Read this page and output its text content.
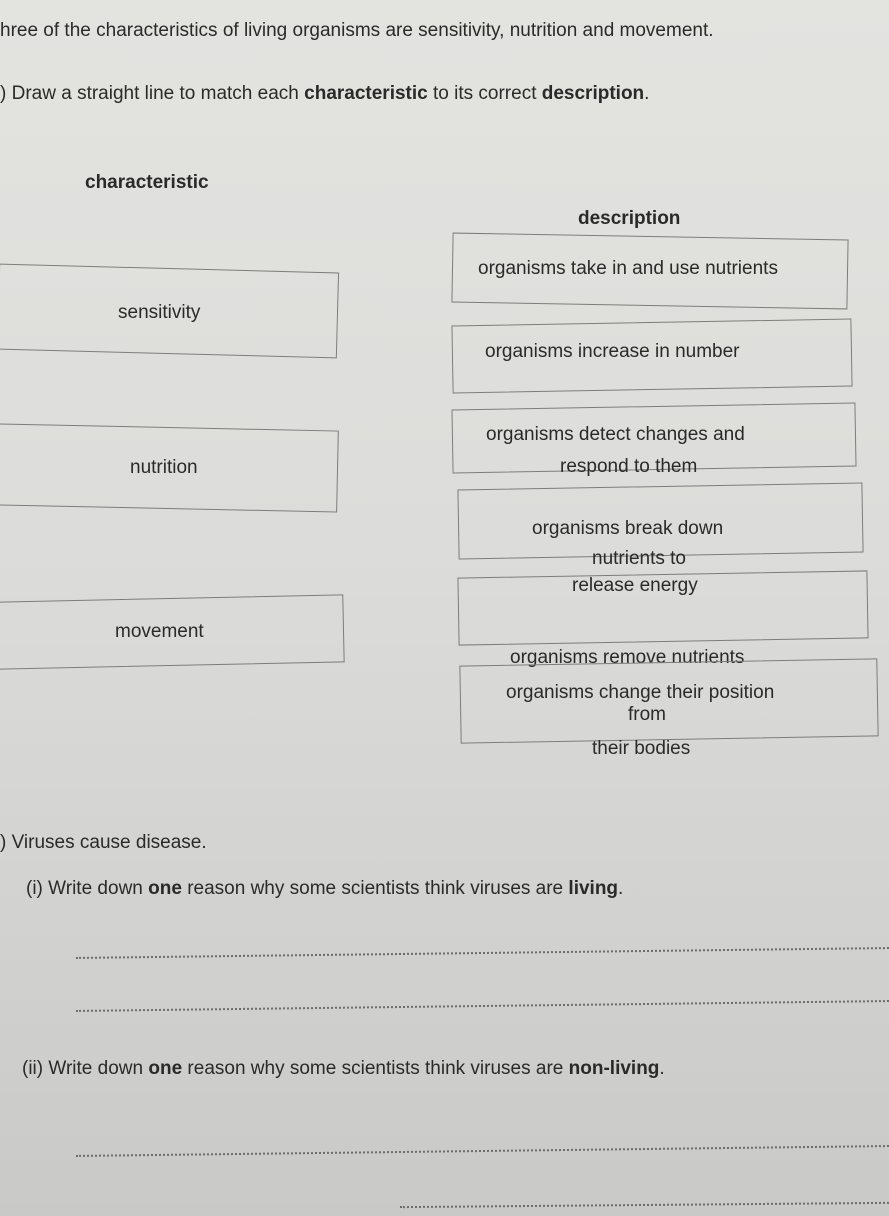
hree of the characteristics of living organisms are sensitivity, nutrition and movement.
) Draw a straight line to match each characteristic to its correct description.
characteristic
description
sensitivity
nutrition
movement
organisms take in and use nutrients
organisms increase in number
organisms detect changes and
respond to them
organisms break down
nutrients to
release energy
organisms remove nutrients
organisms change their position
from
their bodies
) Viruses cause disease.
(i) Write down one reason why some scientists think viruses are living.
(ii) Write down one reason why some scientists think viruses are non-living.
